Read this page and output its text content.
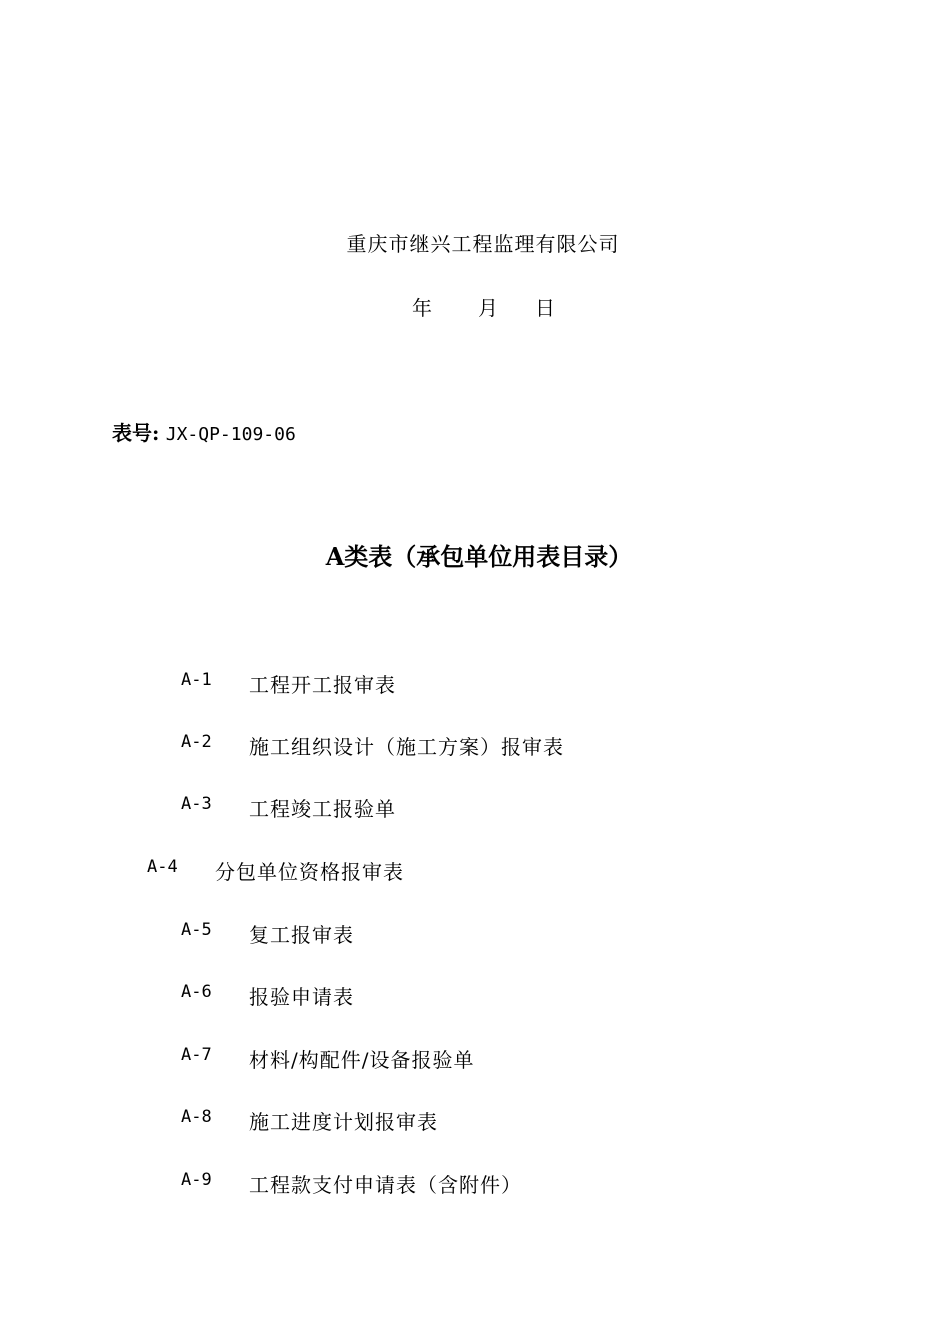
重庆市继兴工程监理有限公司
年 月 日
表号: JX-QP-109-06
A类表（承包单位用表目录）
A-1 工程开工报审表
A-2 施工组织设计（施工方案）报审表
A-3 工程竣工报验单
A-4 分包单位资格报审表
A-5 复工报审表
A-6 报验申请表
A-7 材料/构配件/设备报验单
A-8 施工进度计划报审表
A-9 工程款支付申请表（含附件）
